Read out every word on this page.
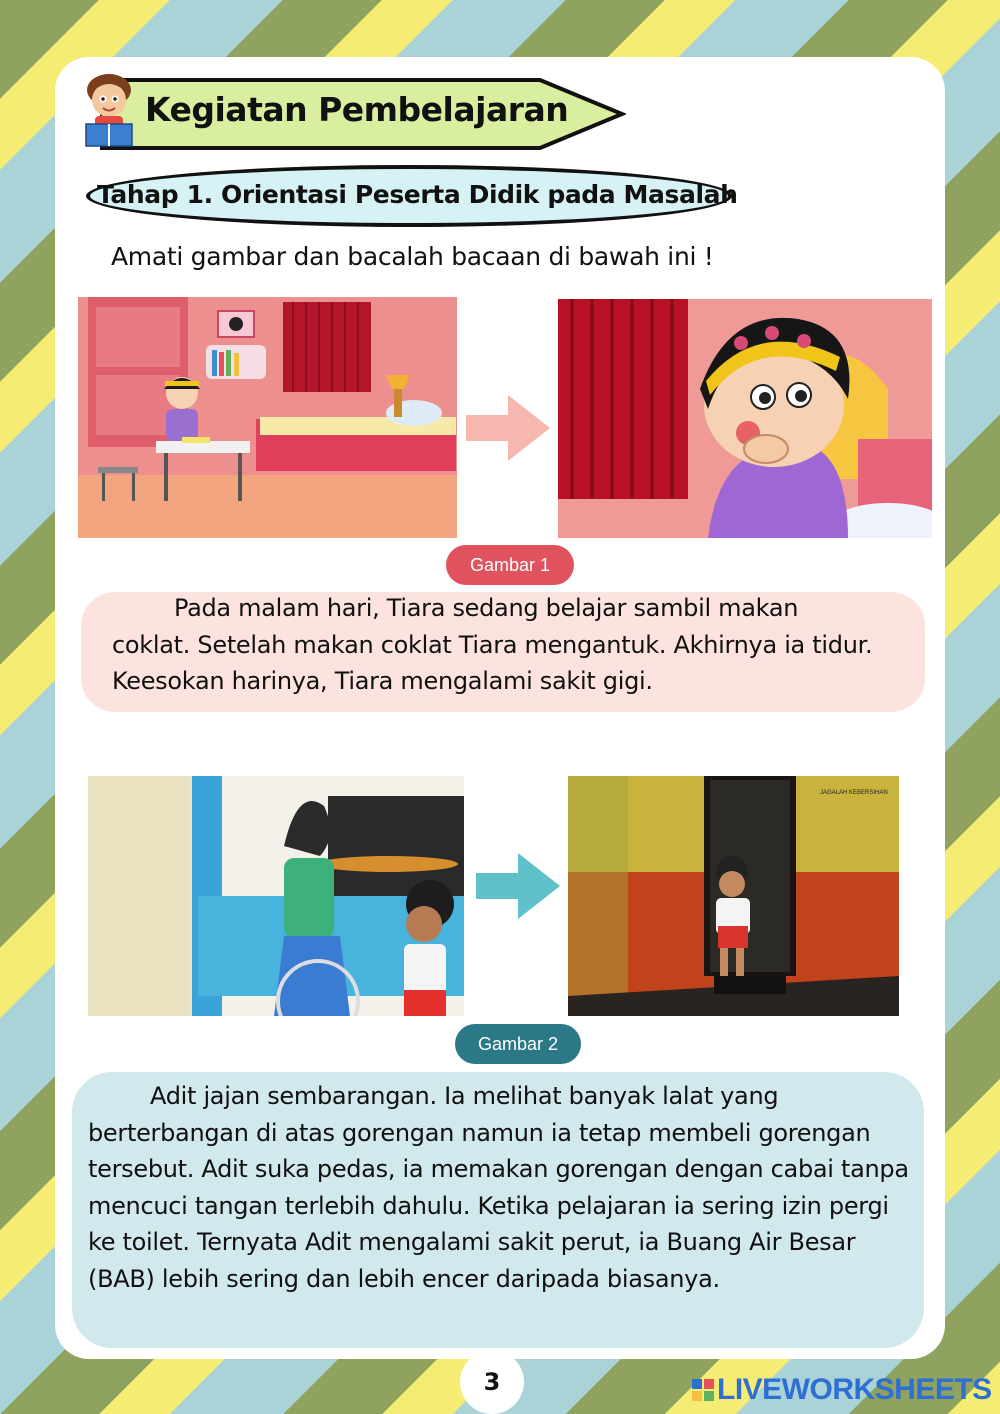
Kegiatan Pembelajaran
Tahap 1. Orientasi Peserta Didik pada Masalah
Amati gambar dan bacalah bacaan di bawah ini !
Gambar 1

Pada malam hari, Tiara sedang belajar sambil makan coklat. Setelah makan coklat Tiara mengantuk. Akhirnya ia tidur. Keesokan harinya, Tiara mengalami sakit gigi.

JAGALAH KEBERSIHAN
Gambar 2

Adit jajan sembarangan. Ia melihat banyak lalat yang berterbangan di atas gorengan namun ia tetap membeli gorengan tersebut. Adit suka pedas, ia memakan gorengan dengan cabai tanpa mencuci tangan terlebih dahulu. Ketika pelajaran ia sering izin pergi ke toilet. Ternyata Adit mengalami sakit perut, ia Buang Air Besar (BAB) lebih sering dan lebih encer daripada biasanya.

3	LIVEWORKSHEETS
